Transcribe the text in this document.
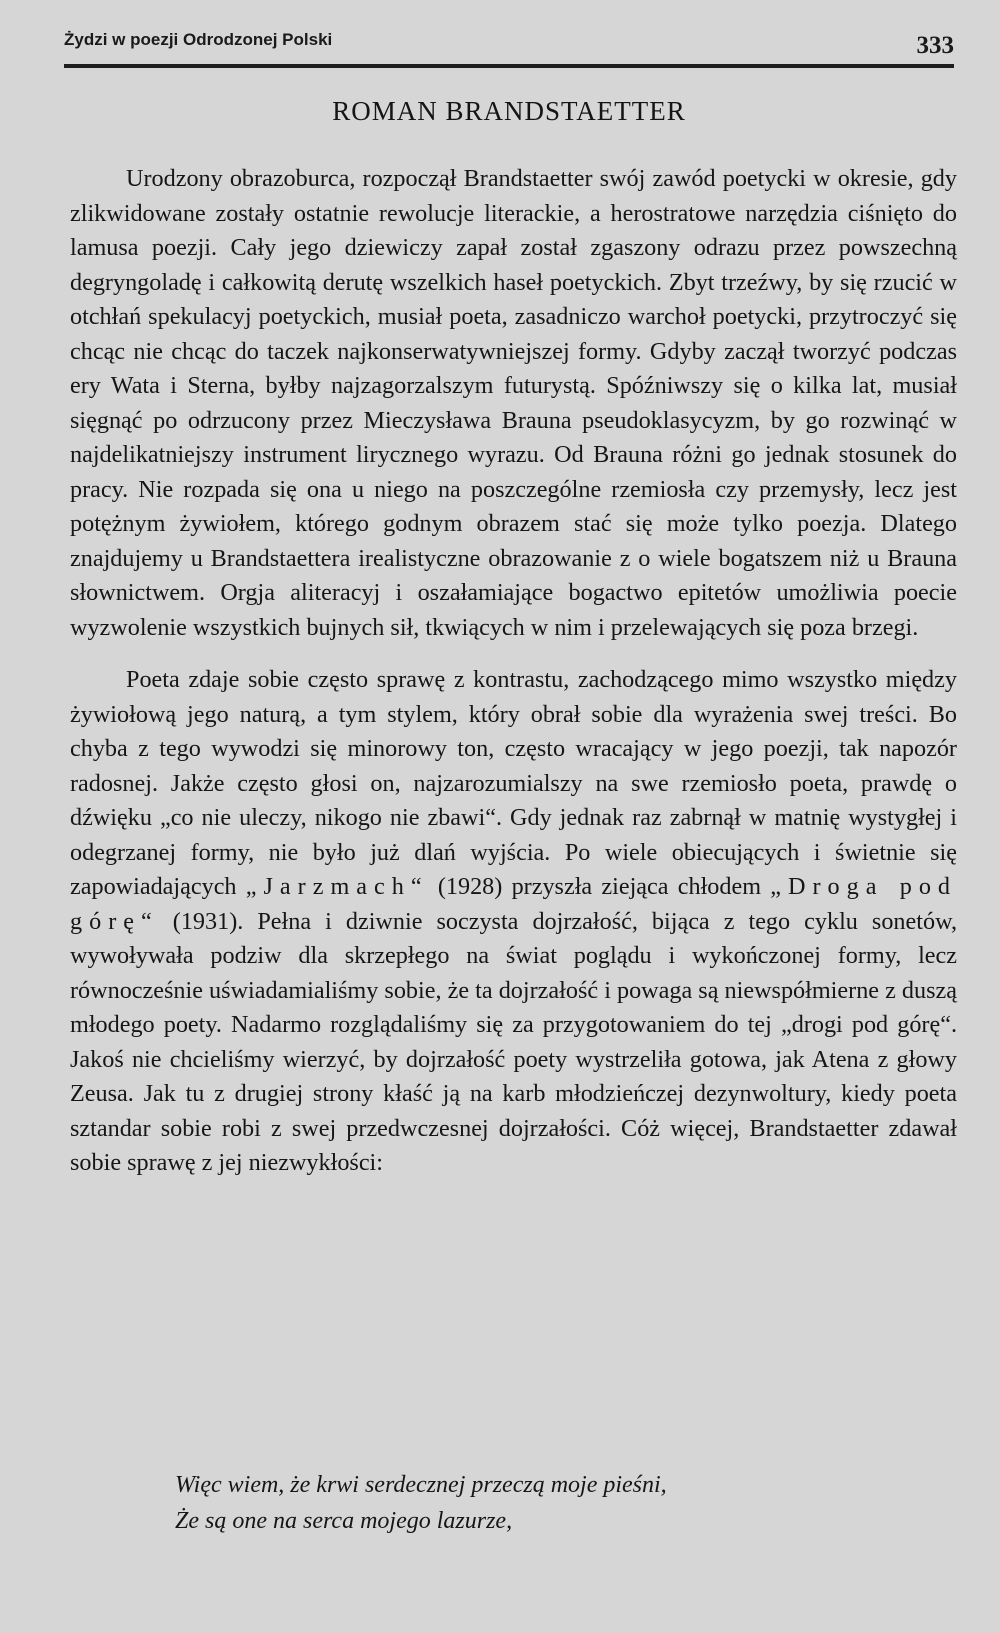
Żydzi w poezji Odrodzonej Polski	333
ROMAN BRANDSTAETTER

Urodzony obrazoburca, rozpoczął Brandstaetter swój zawód poetycki w okresie, gdy zlikwidowane zostały ostatnie rewolucje literackie, a herostratowe narzędzia ciśnięto do lamusa poezji. Cały jego dziewiczy zapał został zgaszony odrazu przez powszechną degryngoladę i całkowitą derutę wszelkich haseł poetyckich. Zbyt trzeźwy, by się rzucić w otchłań spekulacyj poetyckich, musiał poeta, zasadniczo warchoł poetycki, przytroczyć się chcąc nie chcąc do taczek najkonserwatywniejszej formy. Gdyby zaczął tworzyć podczas ery Wata i Sterna, byłby najzagorzalszym futurystą. Spóźniwszy się o kilka lat, musiał sięgnąć po odrzucony przez Mieczysława Brauna pseudoklasycyzm, by go rozwinąć w najdelikatniejszy instrument lirycznego wyrazu. Od Brauna różni go jednak stosunek do pracy. Nie rozpada się ona u niego na poszczególne rzemiosła czy przemysły, lecz jest potężnym żywiołem, którego godnym obrazem stać się może tylko poezja. Dlatego znajdujemy u Brandstaettera irealistyczne obrazowanie z o wiele bogatszem niż u Brauna słownictwem. Orgja aliteracyj i oszałamiające bogactwo epitetów umożliwia poecie wyzwolenie wszystkich bujnych sił, tkwiących w nim i przelewających się poza brzegi.

Poeta zdaje sobie często sprawę z kontrastu, zachodzącego mimo wszystko między żywiołową jego naturą, a tym stylem, który obrał sobie dla wyrażenia swej treści. Bo chyba z tego wywodzi się minorowy ton, często wracający w jego poezji, tak napozór radosnej. Jakże często głosi on, najzarozumialszy na swe rzemiosło poeta, prawdę o dźwięku „co nie uleczy, nikogo nie zbawi“. Gdy jednak raz zabrnął w matnię wystygłej i odegrzanej formy, nie było już dlań wyjścia. Po wiele obiecujących i świetnie się zapowiadających „Jarzmach“ (1928) przyszła ziejąca chłodem „Droga pod górę“ (1931). Pełna i dziwnie soczysta dojrzałość, bijąca z tego cyklu sonetów, wywoływała podziw dla skrzepłego na świat poglądu i wykończonej formy, lecz równocześnie uświadamialiśmy sobie, że ta dojrzałość i powaga są niewspółmierne z duszą młodego poety. Nadarmo rozglądaliśmy się za przygotowaniem do tej „drogi pod górę“. Jakoś nie chcieliśmy wierzyć, by dojrzałość poety wystrzeliła gotowa, jak Atena z głowy Zeusa. Jak tu z drugiej strony kłaść ją na karb młodzieńczej dezynwoltury, kiedy poeta sztandar sobie robi z swej przedwczesnej dojrzałości. Cóż więcej, Brandstaetter zdawał sobie sprawę z jej niezwykłości:

Więc wiem, że krwi serdecznej przeczą moje pieśni,
Że są one na serca mojego lazurze,
